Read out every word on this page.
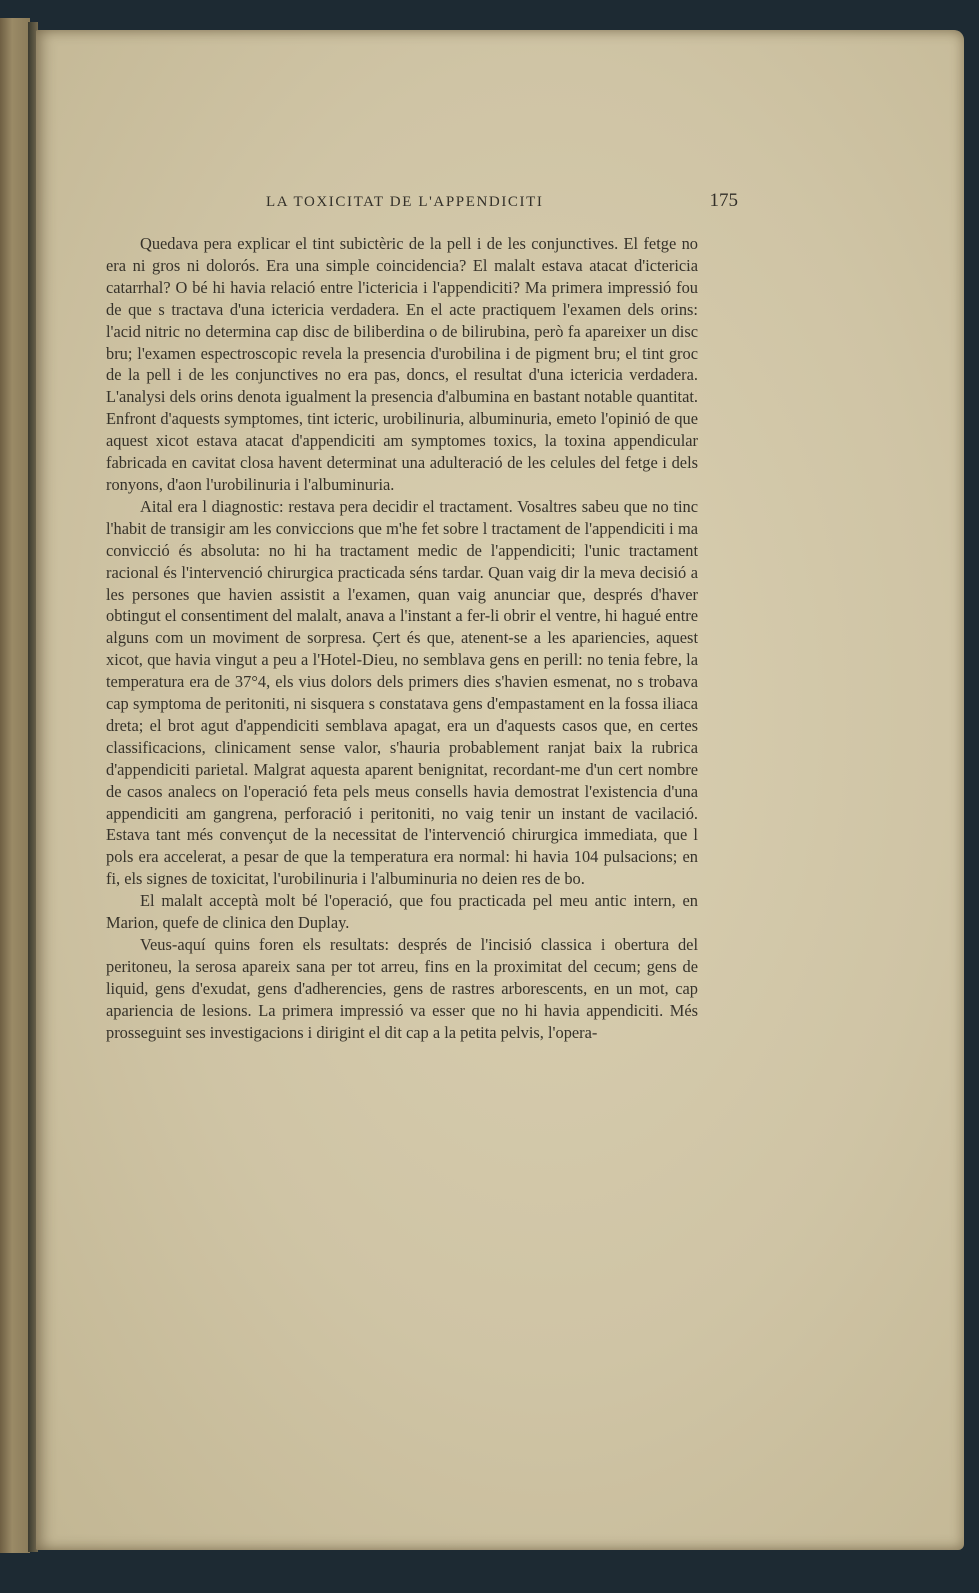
LA TOXICITAT DE L'APPENDICITI	175

Quedava pera explicar el tint subictèric de la pell i de les conjunctives. El fetge no era ni gros ni dolorós. Era una simple coincidencia? El malalt estava atacat d'ictericia catarrhal? O bé hi havia relació entre l'ictericia i l'appendiciti? Ma primera impressió fou de que s tractava d'una ictericia verdadera. En el acte practiquem l'examen dels orins: l'acid nitric no determina cap disc de biliberdina o de bilirubina, però fa apareixer un disc bru; l'examen espectroscopic revela la presencia d'urobilina i de pigment bru; el tint groc de la pell i de les conjunctives no era pas, doncs, el resultat d'una ictericia verdadera. L'analysi dels orins denota igualment la presencia d'albumina en bastant notable quantitat. Enfront d'aquests symptomes, tint icteric, urobilinuria, albuminuria, emeto l'opinió de que aquest xicot estava atacat d'appendiciti am symptomes toxics, la toxina appendicular fabricada en cavitat closa havent determinat una adulteració de les celules del fetge i dels ronyons, d'aon l'urobilinuria i l'albuminuria.

Aital era l diagnostic: restava pera decidir el tractament. Vosaltres sabeu que no tinc l'habit de transigir am les conviccions que m'he fet sobre l tractament de l'appendiciti i ma convicció és absoluta: no hi ha tractament medic de l'appendiciti; l'unic tractament racional és l'intervenció chirurgica practicada séns tardar. Quan vaig dir la meva decisió a les persones que havien assistit a l'examen, quan vaig anunciar que, després d'haver obtingut el consentiment del malalt, anava a l'instant a fer-li obrir el ventre, hi hagué entre alguns com un moviment de sorpresa. Çert és que, atenent-se a les apariencies, aquest xicot, que havia vingut a peu a l'Hotel-Dieu, no semblava gens en perill: no tenia febre, la temperatura era de 37°4, els vius dolors dels primers dies s'havien esmenat, no s trobava cap symptoma de peritoniti, ni sisquera s constatava gens d'empastament en la fossa iliaca dreta; el brot agut d'appendiciti semblava apagat, era un d'aquests casos que, en certes classificacions, clinicament sense valor, s'hauria probablement ranjat baix la rubrica d'appendiciti parietal. Malgrat aquesta aparent benignitat, recordant-me d'un cert nombre de casos analecs on l'operació feta pels meus consells havia demostrat l'existencia d'una appendiciti am gangrena, perforació i peritoniti, no vaig tenir un instant de vacilació. Estava tant més convençut de la necessitat de l'intervenció chirurgica immediata, que l pols era accelerat, a pesar de que la temperatura era normal: hi havia 104 pulsacions; en fi, els signes de toxicitat, l'urobilinuria i l'albuminuria no deien res de bo.

El malalt acceptà molt bé l'operació, que fou practicada pel meu antic intern, en Marion, quefe de clinica den Duplay.

Veus-aquí quins foren els resultats: després de l'incisió classica i obertura del peritoneu, la serosa apareix sana per tot arreu, fins en la proximitat del cecum; gens de liquid, gens d'exudat, gens d'adherencies, gens de rastres arborescents, en un mot, cap apariencia de lesions. La primera impressió va esser que no hi havia appendiciti. Més prosseguint ses investigacions i dirigint el dit cap a la petita pelvis, l'opera-
